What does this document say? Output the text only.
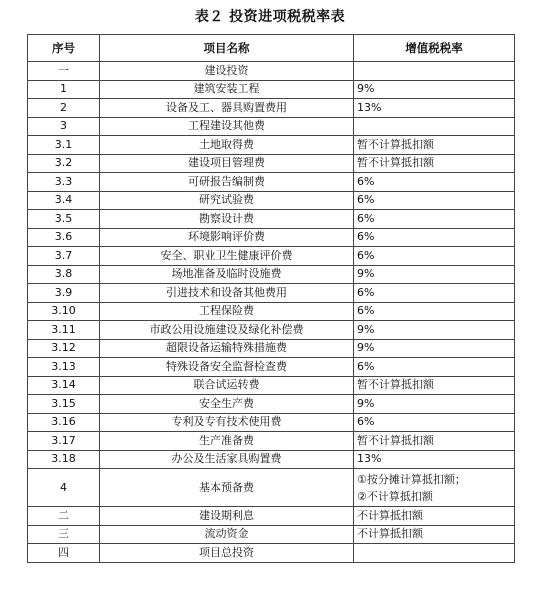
表２ 投资进项税税率表
序号	项目名称	增值税税率
一	建设投资	
1	建筑安装工程	9%
2	设备及工、器具购置费用	13%
3	工程建设其他费	
3.1	土地取得费	暂不计算抵扣额
3.2	建设项目管理费	暂不计算抵扣额
3.3	可研报告编制费	6%
3.4	研究试验费	6%
3.5	勘察设计费	6%
3.6	环境影响评价费	6%
3.7	安全、职业卫生健康评价费	6%
3.8	场地准备及临时设施费	9%
3.9	引进技术和设备其他费用	6%
3.10	工程保险费	6%
3.11	市政公用设施建设及绿化补偿费	9%
3.12	超限设备运输特殊措施费	9%
3.13	特殊设备安全监督检查费	6%
3.14	联合试运转费	暂不计算抵扣额
3.15	安全生产费	9%
3.16	专利及专有技术使用费	6%
3.17	生产准备费	暂不计算抵扣额
3.18	办公及生活家具购置费	13%
4	基本预备费	①按分摊计算抵扣额；
②不计算抵扣额

二	建设期利息	不计算抵扣额
三	流动资金	不计算抵扣额
四	项目总投资	
